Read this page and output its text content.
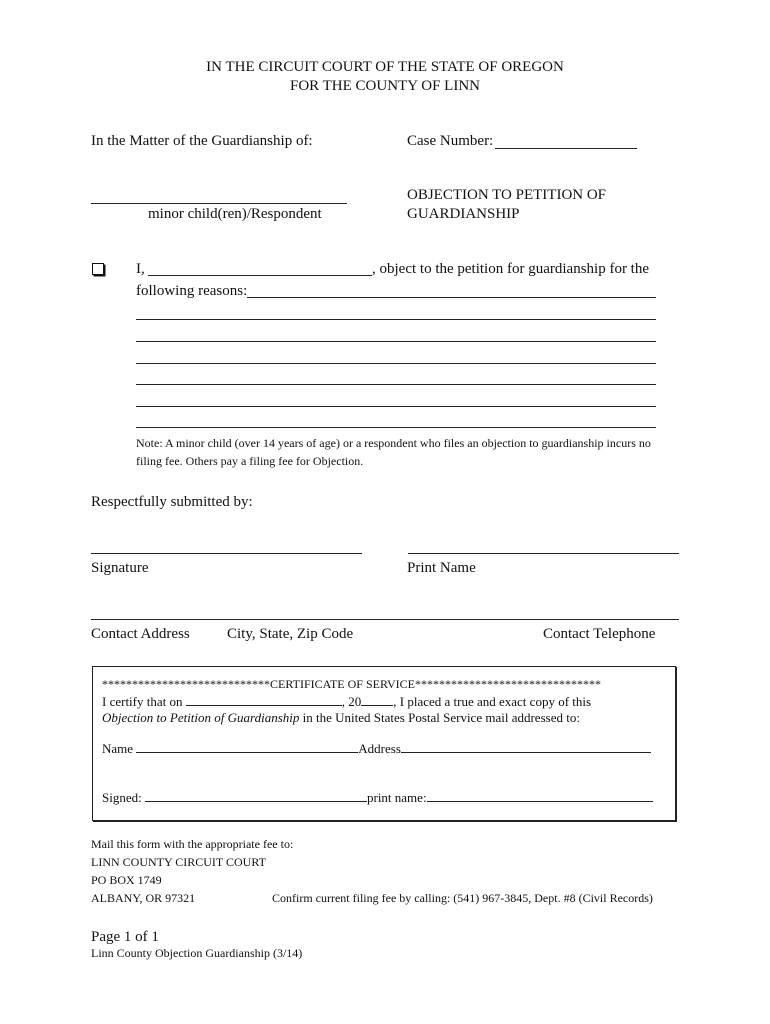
IN THE CIRCUIT COURT OF THE STATE OF OREGON
FOR THE COUNTY OF LINN
In the Matter of the Guardianship of:	Case Number:
minor child(ren)/Respondent
OBJECTION TO PETITION OF
GUARDIANSHIP
I,	, object to the petition for guardianship for the
following reasons:
Note: A minor child (over 14 years of age) or a respondent who files an objection to guardianship incurs no
filing fee. Others pay a filing fee for Objection.
Respectfully submitted by:
Signature	Print Name
Contact Address City, State, Zip Code	Contact Telephone
****************************CERTIFICATE OF SERVICE*******************************
I certify that on	, 20 , I placed a true and exact copy of this
Objection to Petition of Guardianship in the United States Postal Service mail addressed to:
Name	Address
Signed:	print name:
Mail this form with the appropriate fee to:
LINN COUNTY CIRCUIT COURT
PO BOX 1749
ALBANY, OR 97321	Confirm current filing fee by calling: (541) 967-3845, Dept. #8 (Civil Records)
Page 1 of 1
Linn County Objection Guardianship (3/14)
